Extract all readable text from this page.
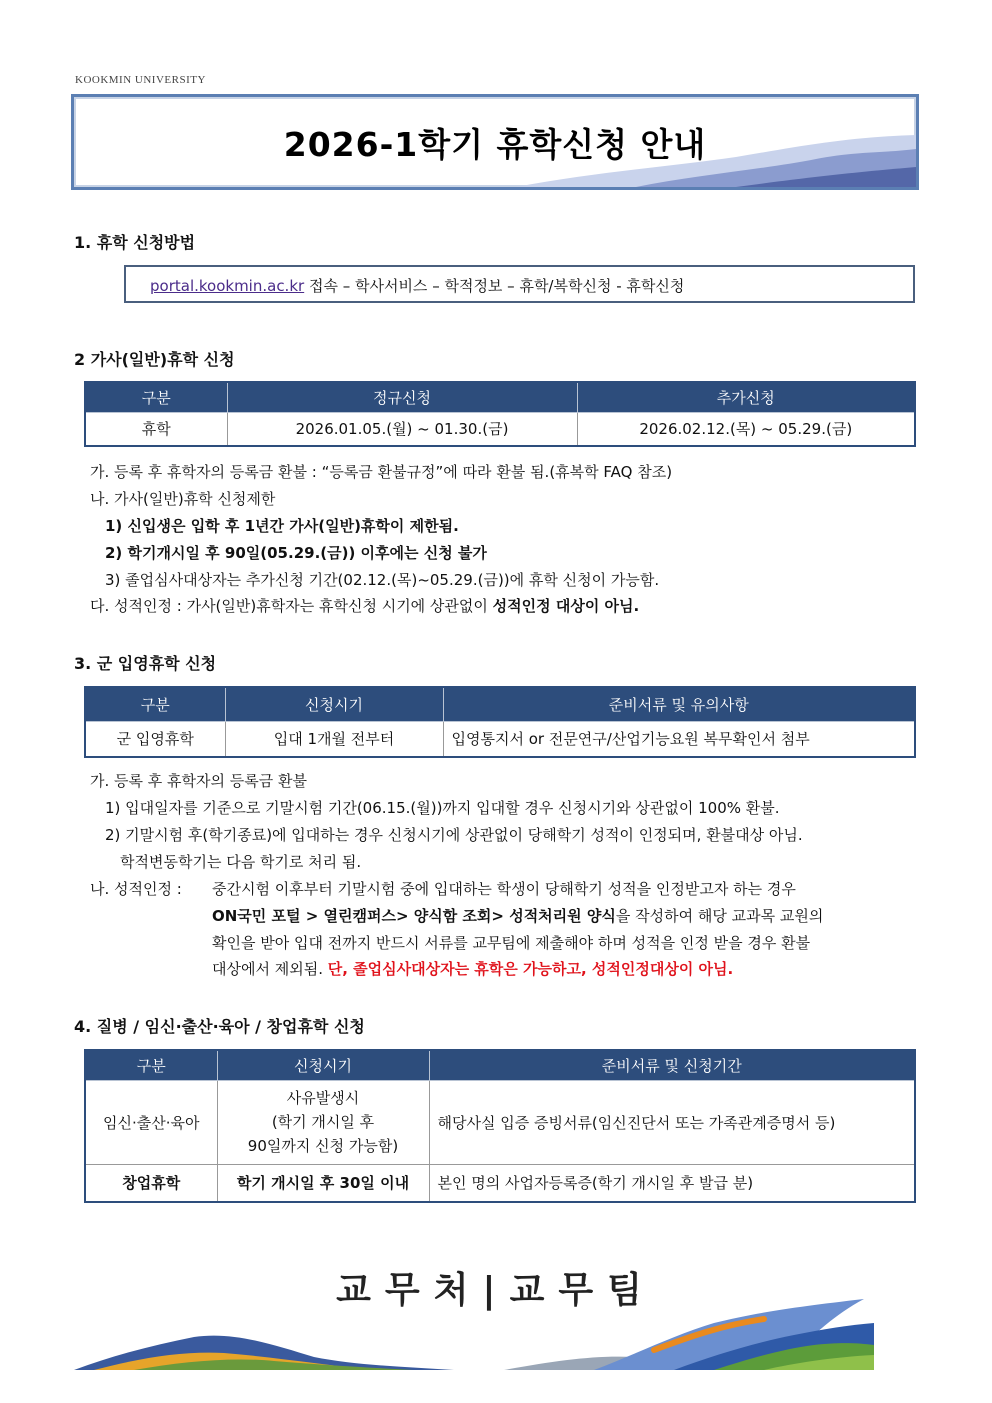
KOOKMIN UNIVERSITY
2026-1학기 휴학신청 안내
1. 휴학 신청방법
portal.kookmin.ac.kr 접속 – 학사서비스 – 학적정보 – 휴학/복학신청 - 휴학신청
2 가사(일반)휴학 신청
구분	정규신청	추가신청
휴학	2026.01.05.(월) ~ 01.30.(금)	2026.02.12.(목) ~ 05.29.(금)
가. 등록 후 휴학자의 등록금 환불 : “등록금 환불규정”에 따라 환불 됨.(휴복학 FAQ 참조)
나. 가사(일반)휴학 신청제한
1) 신입생은 입학 후 1년간 가사(일반)휴학이 제한됨.
2) 학기개시일 후 90일(05.29.(금)) 이후에는 신청 불가
3) 졸업심사대상자는 추가신청 기간(02.12.(목)~05.29.(금))에 휴학 신청이 가능함.
다. 성적인정 : 가사(일반)휴학자는 휴학신청 시기에 상관없이 성적인정 대상이 아님.
3. 군 입영휴학 신청
구분	신청시기	준비서류 및 유의사항
군 입영휴학	입대 1개월 전부터	입영통지서 or 전문연구/산업기능요원 복무확인서 첨부
가. 등록 후 휴학자의 등록금 환불
1) 입대일자를 기준으로 기말시험 기간(06.15.(월))까지 입대할 경우 신청시기와 상관없이 100% 환불.
2) 기말시험 후(학기종료)에 입대하는 경우 신청시기에 상관없이 당해학기 성적이 인정되며, 환불대상 아님.
학적변동학기는 다음 학기로 처리 됨.
나. 성적인정 : 중간시험 이후부터 기말시험 중에 입대하는 학생이 당해학기 성적을 인정받고자 하는 경우
ON국민 포털 > 열린캠퍼스> 양식함 조회> 성적처리원 양식을 작성하여 해당 교과목 교원의
확인을 받아 입대 전까지 반드시 서류를 교무팀에 제출해야 하며 성적을 인정 받을 경우 환불
대상에서 제외됨. 단, 졸업심사대상자는 휴학은 가능하고, 성적인정대상이 아님.
4. 질병 / 임신·출산·육아 / 창업휴학 신청
구분	신청시기	준비서류 및 신청기간
임신·출산·육아	사유발생시
(학기 개시일 후
90일까지 신청 가능함)	해당사실 입증 증빙서류(임신진단서 또는 가족관계증명서 등)
창업휴학	학기 개시일 후 30일 이내	본인 명의 사업자등록증(학기 개시일 후 발급 분)
교무처|교무팀
